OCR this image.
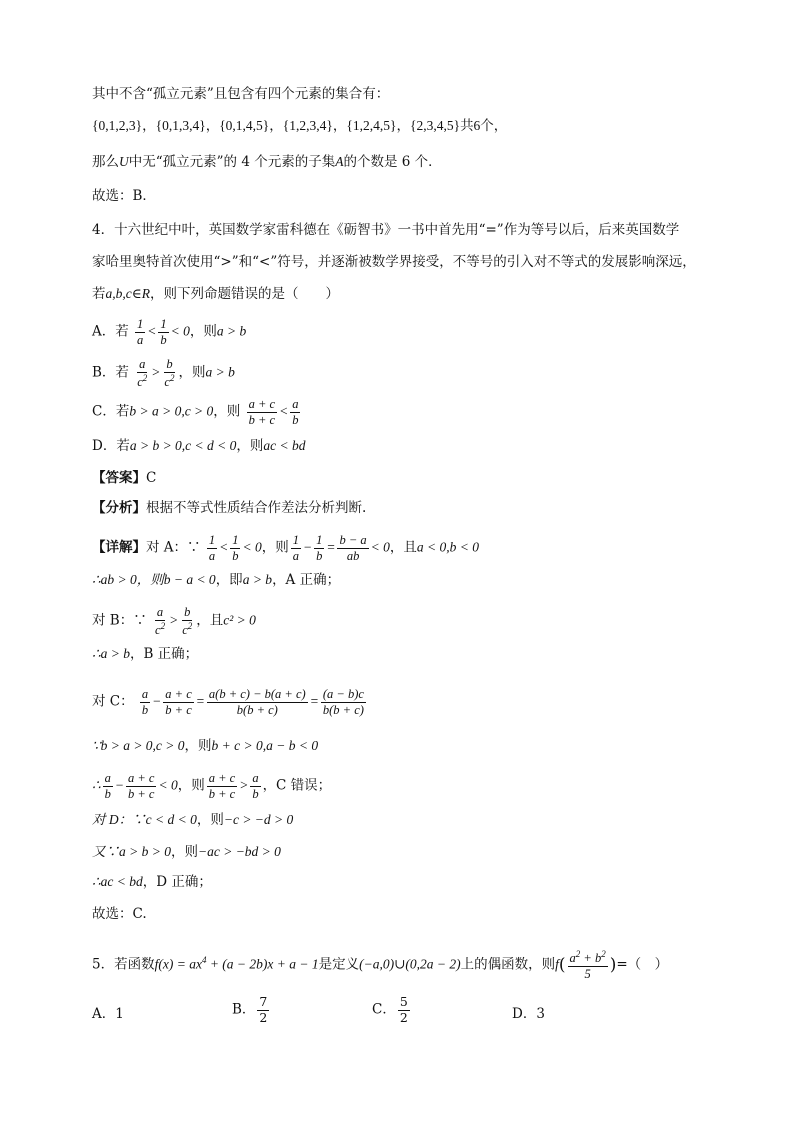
其中不含“孤立元素”且包含有四个元素的集合有：
{0,1,2,3}，{0,1,3,4}，{0,1,4,5}，{1,2,3,4}，{1,2,4,5}，{2,3,4,5}共6个，
那么U中无“孤立元素”的 4 个元素的子集A的个数是 6 个．
故选：B．
4．十六世纪中叶，英国数学家雷科德在《砺智书》一书中首先用“=”作为等号以后，后来英国数学
家哈里奥特首次使用“>”和“<”符号，并逐渐被数学界接受，不等号的引入对不等式的发展影响深远，
若a,b,c∈R，则下列命题错误的是（　　）
A．若 $\frac{1}{a} < \frac{1}{b} < 0$，则a > b
B．若 $\frac{a}{c^2} > \frac{b}{c^2}$ ，则a > b
C．若b > a > 0,c > 0，则 $\frac{a + c}{b + c} < \frac{a}{b}$
D．若a > b > 0,c < d < 0，则ac < bd
【答案】C
【分析】根据不等式性质结合作差法分析判断.
【详解】对 A：∵ $\frac{1}{a} < \frac{1}{b} < 0$，则 $\frac{1}{a} - \frac{1}{b} = \frac{b - a}{ab} < 0$，且a < 0,b < 0
∴ab > 0，则b − a < 0，即a > b，A 正确；
对 B：∵ $\frac{a}{c^2} > \frac{b}{c^2}$ ，且c² > 0
∴a > b，B 正确；
对 C： $\frac{a}{b} - \frac{a + c}{b + c} = \frac{a(b + c) - b(a + c)}{b(b + c)} = \frac{(a - b)c}{b(b + c)}$
∵b > a > 0,c > 0，则b + c > 0,a − b < 0
∴ $\frac{a}{b} - \frac{a + c}{b + c} < 0$，则 $\frac{a + c}{b + c} > \frac{a}{b}$ ，C 错误；
对 D：∵c < d < 0，则−c > −d > 0
又∵a > b > 0，则−ac > −bd > 0
∴ac < bd，D 正确；
故选：C.
5．若函数$f(x) = ax^4 + (a - 2b)x + a - 1$是定义(−a,0)∪(0,2a − 2)上的偶函数，则$f( \frac{a^2 + b^2}{5}$ )=（　）
A．1	B． $\frac{7}{2}$	C． $\frac{5}{2}$	D．3
